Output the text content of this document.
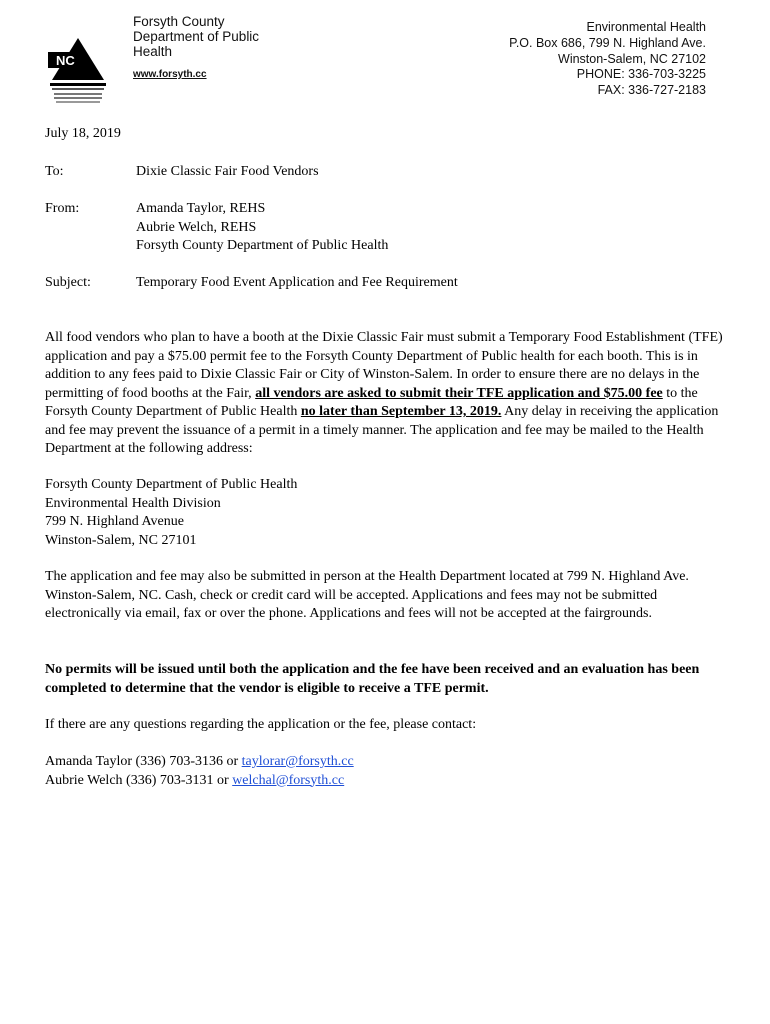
NC
Forsyth County
Department of Public
Health
www.forsyth.cc
Environmental Health
P.O. Box 686, 799 N. Highland Ave.
Winston-Salem, NC 27102
PHONE: 336-703-3225
FAX: 336-727-2183
July 18, 2019
To:	Dixie Classic Fair Food Vendors
From:	Amanda Taylor, REHS
Aubrie Welch, REHS
Forsyth County Department of Public Health
Subject:	Temporary Food Event Application and Fee Requirement

All food vendors who plan to have a booth at the Dixie Classic Fair must submit a Temporary Food Establishment (TFE) application and pay a $75.00 permit fee to the Forsyth County Department of Public health for each booth. This is in addition to any fees paid to Dixie Classic Fair or City of Winston-Salem. In order to ensure there are no delays in the permitting of food booths at the Fair, all vendors are asked to submit their TFE application and $75.00 fee to the Forsyth County Department of Public Health no later than September 13, 2019. Any delay in receiving the application and fee may prevent the issuance of a permit in a timely manner. The application and fee may be mailed to the Health Department at the following address:

Forsyth County Department of Public Health
Environmental Health Division
799 N. Highland Avenue
Winston-Salem, NC 27101

The application and fee may also be submitted in person at the Health Department located at 799 N. Highland Ave. Winston-Salem, NC. Cash, check or credit card will be accepted. Applications and fees may not be submitted electronically via email, fax or over the phone. Applications and fees will not be accepted at the fairgrounds.

No permits will be issued until both the application and the fee have been received and an evaluation has been completed to determine that the vendor is eligible to receive a TFE permit.

If there are any questions regarding the application or the fee, please contact:

Amanda Taylor (336) 703-3136 or taylorar@forsyth.cc
Aubrie Welch (336) 703-3131 or welchal@forsyth.cc
